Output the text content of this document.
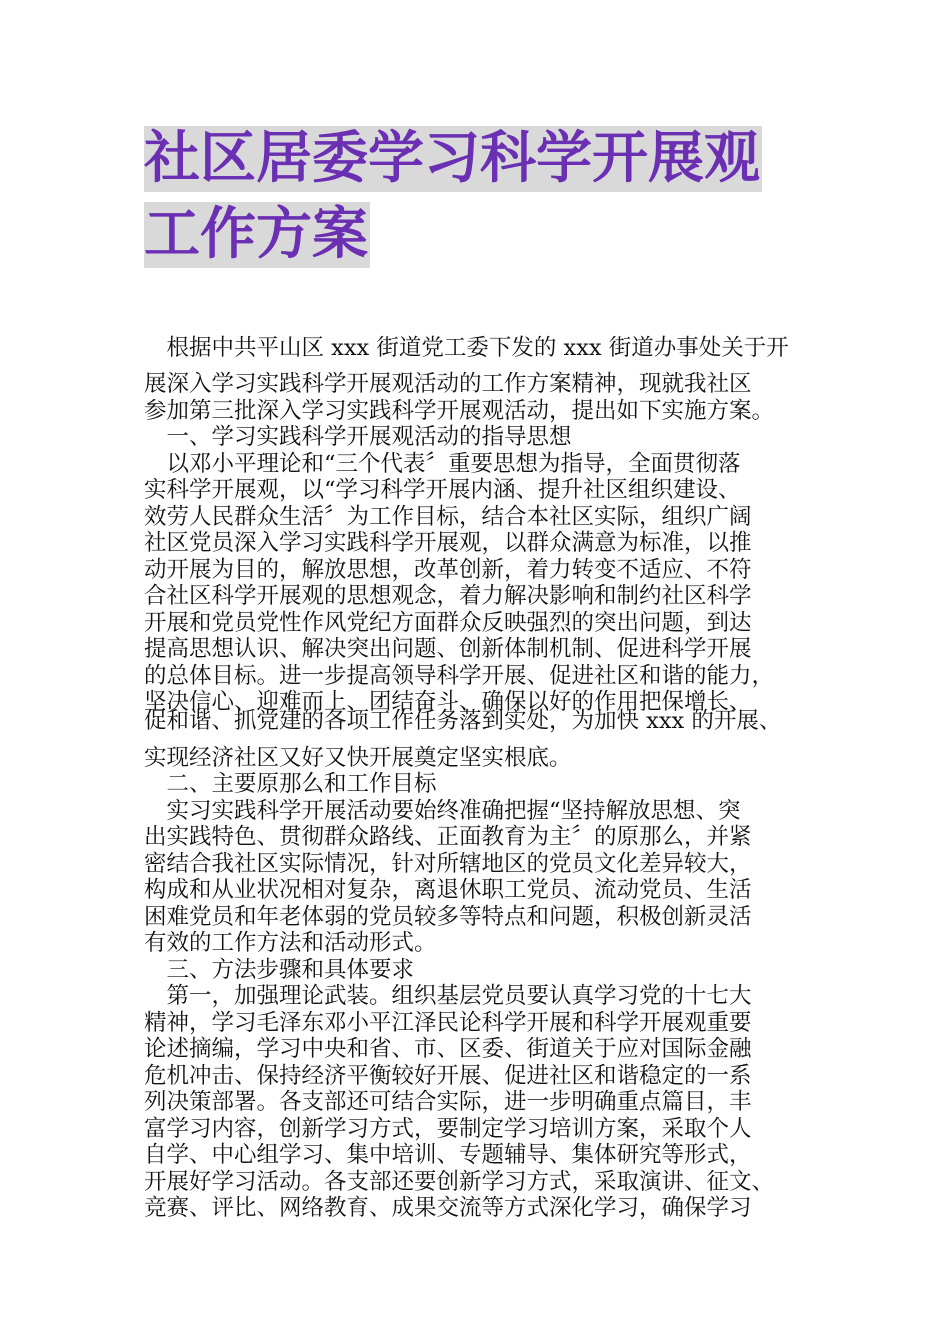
社区居委学习科学开展观
工作方案
　根据中共平山区 xxx 街道党工委下发的 xxx 街道办事处关于开
展深入学习实践科学开展观活动的工作方案精神，现就我社区
参加第三批深入学习实践科学开展观活动，提出如下实施方案。
　一、学习实践科学开展观活动的指导思想
　以邓小平理论和“三个代表〞重要思想为指导，全面贯彻落
实科学开展观，以“学习科学开展内涵、提升社区组织建设、
效劳人民群众生活〞为工作目标，结合本社区实际，组织广阔
社区党员深入学习实践科学开展观，以群众满意为标准，以推
动开展为目的，解放思想，改革创新，着力转变不适应、不符
合社区科学开展观的思想观念，着力解决影响和制约社区科学
开展和党员党性作风党纪方面群众反映强烈的突出问题，到达
提高思想认识、解决突出问题、创新体制机制、促进科学开展
的总体目标。进一步提高领导科学开展、促进社区和谐的能力，
坚决信心、迎难而上、团结奋斗、确保以好的作用把保增长、
促和谐、抓党建的各项工作任务落到实处，为加快 xxx 的开展、
实现经济社区又好又快开展奠定坚实根底。
　二、主要原那么和工作目标
　实习实践科学开展活动要始终准确把握“坚持解放思想、突
出实践特色、贯彻群众路线、正面教育为主〞的原那么，并紧
密结合我社区实际情况，针对所辖地区的党员文化差异较大，
构成和从业状况相对复杂，离退休职工党员、流动党员、生活
困难党员和年老体弱的党员较多等特点和问题，积极创新灵活
有效的工作方法和活动形式。
　三、方法步骤和具体要求
　第一，加强理论武装。组织基层党员要认真学习党的十七大
精神，学习毛泽东邓小平江泽民论科学开展和科学开展观重要
论述摘编，学习中央和省、市、区委、街道关于应对国际金融
危机冲击、保持经济平衡较好开展、促进社区和谐稳定的一系
列决策部署。各支部还可结合实际，进一步明确重点篇目，丰
富学习内容，创新学习方式，要制定学习培训方案，采取个人
自学、中心组学习、集中培训、专题辅导、集体研究等形式，
开展好学习活动。各支部还要创新学习方式，采取演讲、征文、
竞赛、评比、网络教育、成果交流等方式深化学习，确保学习
